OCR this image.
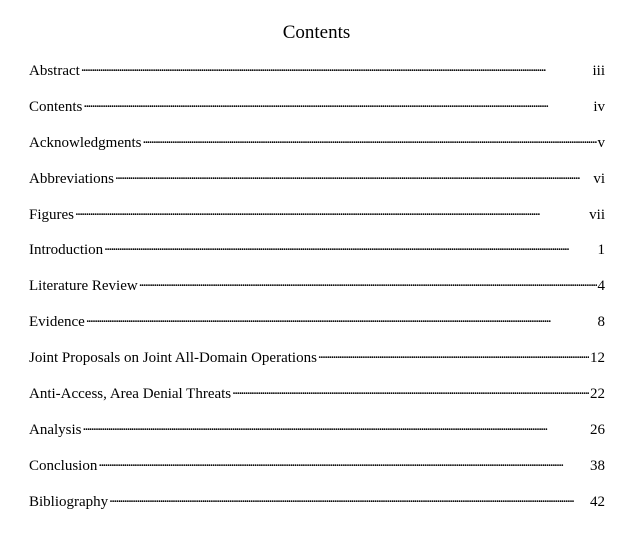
Contents
Abstract . . .	iii
Contents . . .	iv
Acknowledgments . . .	v
Abbreviations . . .	vi
Figures . . .	vii
Introduction . . .	1
Literature Review . . .	4
Evidence . . .	8
Joint Proposals on Joint All-Domain Operations . . .	12
Anti-Access, Area Denial Threats . . .	22
Analysis . . .	26
Conclusion . . .	38
Bibliography . . .	42
